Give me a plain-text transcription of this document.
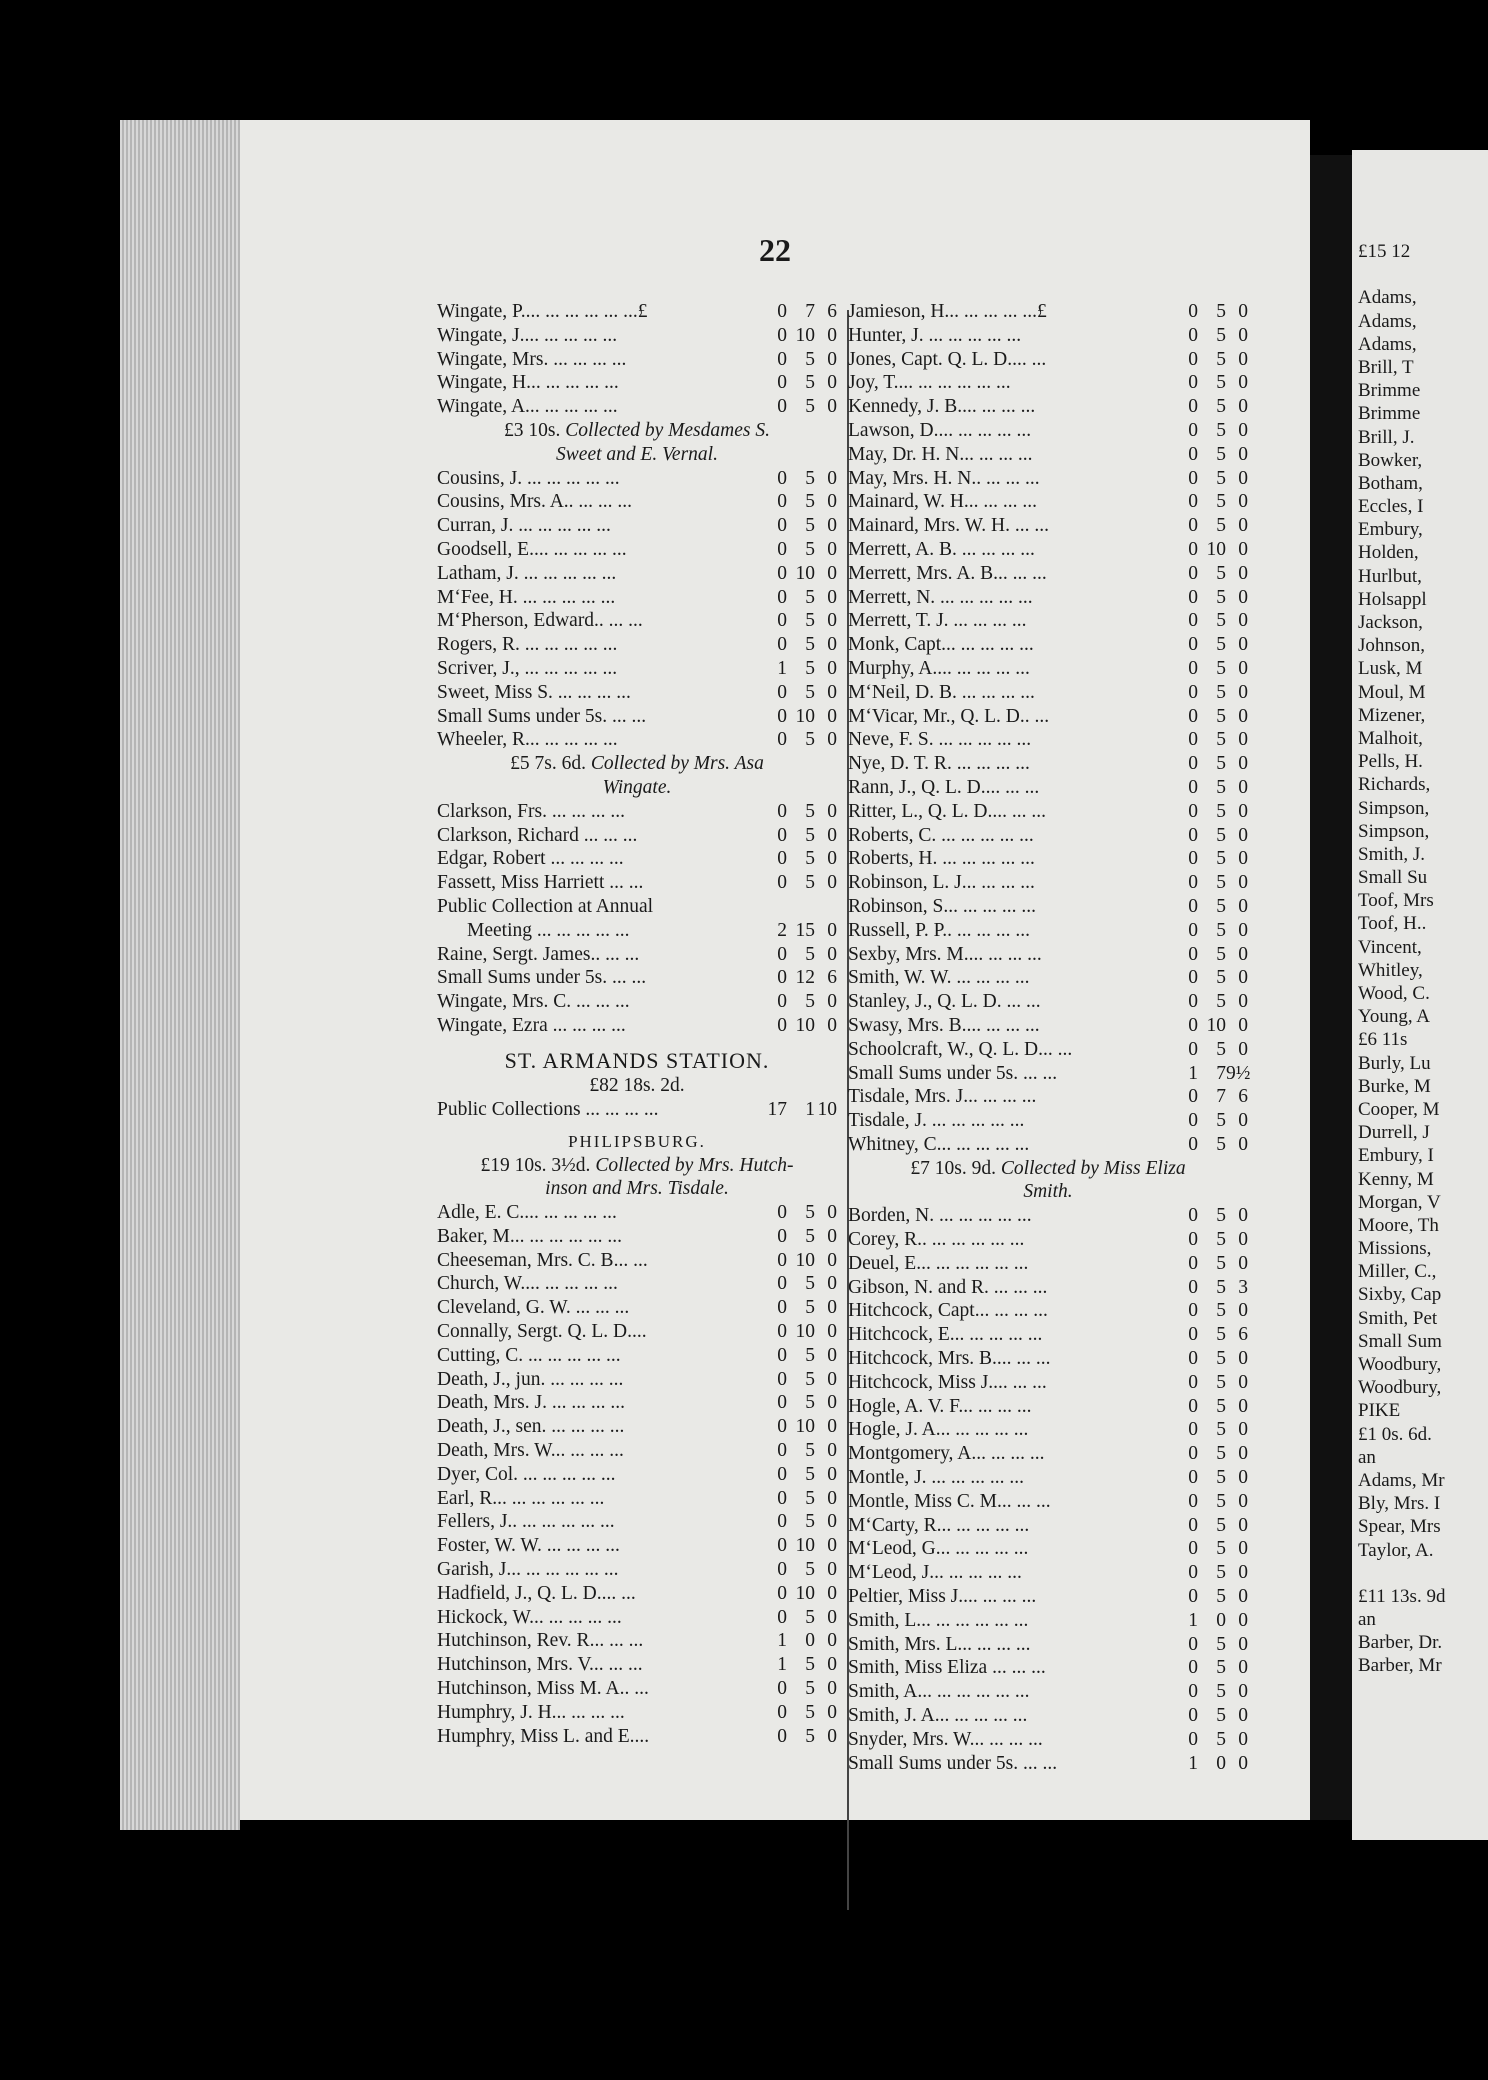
22
Wingate, P.... ... ... ... ... ...£	0 7 6
Wingate, J.... ... ... ... ...	0 10 0
Wingate, Mrs. ... ... ... ...	0 5 0
Wingate, H... ... ... ... ...	0 5 0
Wingate, A... ... ... ... ...	0 5 0
£3 10s. Collected by Mesdames S.
Sweet and E. Vernal.
Cousins, J. ... ... ... ... ...	0 5 0
Cousins, Mrs. A.. ... ... ...	0 5 0
Curran, J. ... ... ... ... ...	0 5 0
Goodsell, E.... ... ... ... ...	0 5 0
Latham, J. ... ... ... ... ...	0 10 0
M‘Fee, H. ... ... ... ... ...	0 5 0
M‘Pherson, Edward.. ... ...	0 5 0
Rogers, R. ... ... ... ... ...	0 5 0
Scriver, J., ... ... ... ... ...	1 5 0
Sweet, Miss S. ... ... ... ...	0 5 0
Small Sums under 5s. ... ...	0 10 0
Wheeler, R... ... ... ... ...	0 5 0
£5 7s. 6d. Collected by Mrs. Asa
Wingate.
Clarkson, Frs. ... ... ... ...	0 5 0
Clarkson, Richard ... ... ...	0 5 0
Edgar, Robert ... ... ... ...	0 5 0
Fassett, Miss Harriett ... ...	0 5 0
Public Collection at Annual
Meeting ... ... ... ... ...	2 15 0
Raine, Sergt. James.. ... ...	0 5 0
Small Sums under 5s. ... ...	0 12 6
Wingate, Mrs. C. ... ... ...	0 5 0
Wingate, Ezra ... ... ... ...	0 10 0
ST. ARMANDS STATION.
£82 18s. 2d.
Public Collections ... ... ... ...	17 1 10
PHILIPSBURG.
£19 10s. 3½d. Collected by Mrs. Hutch-
inson and Mrs. Tisdale.
Adle, E. C.... ... ... ... ...	0 5 0
Baker, M... ... ... ... ... ...	0 5 0
Cheeseman, Mrs. C. B... ...	0 10 0
Church, W.... ... ... ... ...	0 5 0
Cleveland, G. W. ... ... ...	0 5 0
Connally, Sergt. Q. L. D....	0 10 0
Cutting, C. ... ... ... ... ...	0 5 0
Death, J., jun. ... ... ... ...	0 5 0
Death, Mrs. J. ... ... ... ...	0 5 0
Death, J., sen. ... ... ... ...	0 10 0
Death, Mrs. W... ... ... ...	0 5 0
Dyer, Col. ... ... ... ... ...	0 5 0
Earl, R... ... ... ... ... ...	0 5 0
Fellers, J.. ... ... ... ... ...	0 5 0
Foster, W. W. ... ... ... ...	0 10 0
Garish, J... ... ... ... ... ...	0 5 0
Hadfield, J., Q. L. D.... ...	0 10 0
Hickock, W... ... ... ... ...	0 5 0
Hutchinson, Rev. R... ... ...	1 0 0
Hutchinson, Mrs. V... ... ...	1 5 0
Hutchinson, Miss M. A.. ...	0 5 0
Humphry, J. H... ... ... ...	0 5 0
Humphry, Miss L. and E....	0 5 0
Jamieson, H... ... ... ... ...£	0 5 0
Hunter, J. ... ... ... ... ...	0 5 0
Jones, Capt. Q. L. D.... ...	0 5 0
Joy, T.... ... ... ... ... ...	0 5 0
Kennedy, J. B.... ... ... ...	0 5 0
Lawson, D.... ... ... ... ...	0 5 0
May, Dr. H. N... ... ... ...	0 5 0
May, Mrs. H. N.. ... ... ...	0 5 0
Mainard, W. H... ... ... ...	0 5 0
Mainard, Mrs. W. H. ... ...	0 5 0
Merrett, A. B. ... ... ... ...	0 10 0
Merrett, Mrs. A. B... ... ...	0 5 0
Merrett, N. ... ... ... ... ...	0 5 0
Merrett, T. J. ... ... ... ...	0 5 0
Monk, Capt... ... ... ... ...	0 5 0
Murphy, A.... ... ... ... ...	0 5 0
M‘Neil, D. B. ... ... ... ...	0 5 0
M‘Vicar, Mr., Q. L. D.. ...	0 5 0
Neve, F. S. ... ... ... ... ...	0 5 0
Nye, D. T. R. ... ... ... ...	0 5 0
Rann, J., Q. L. D.... ... ...	0 5 0
Ritter, L., Q. L. D.... ... ...	0 5 0
Roberts, C. ... ... ... ... ...	0 5 0
Roberts, H. ... ... ... ... ...	0 5 0
Robinson, L. J... ... ... ...	0 5 0
Robinson, S... ... ... ... ...	0 5 0
Russell, P. P.. ... ... ... ...	0 5 0
Sexby, Mrs. M.... ... ... ...	0 5 0
Smith, W. W. ... ... ... ...	0 5 0
Stanley, J., Q. L. D. ... ...	0 5 0
Swasy, Mrs. B.... ... ... ...	0 10 0
Schoolcraft, W., Q. L. D... ...	0 5 0
Small Sums under 5s. ... ...	1 7 9½
Tisdale, Mrs. J... ... ... ...	0 7 6
Tisdale, J. ... ... ... ... ...	0 5 0
Whitney, C... ... ... ... ...	0 5 0
£7 10s. 9d. Collected by Miss Eliza
Smith.
Borden, N. ... ... ... ... ...	0 5 0
Corey, R.. ... ... ... ... ...	0 5 0
Deuel, E... ... ... ... ... ...	0 5 0
Gibson, N. and R. ... ... ...	0 5 3
Hitchcock, Capt... ... ... ...	0 5 0
Hitchcock, E... ... ... ... ...	0 5 6
Hitchcock, Mrs. B.... ... ...	0 5 0
Hitchcock, Miss J.... ... ...	0 5 0
Hogle, A. V. F... ... ... ...	0 5 0
Hogle, J. A... ... ... ... ...	0 5 0
Montgomery, A... ... ... ...	0 5 0
Montle, J. ... ... ... ... ...	0 5 0
Montle, Miss C. M... ... ...	0 5 0
M‘Carty, R... ... ... ... ...	0 5 0
M‘Leod, G... ... ... ... ...	0 5 0
M‘Leod, J... ... ... ... ...	0 5 0
Peltier, Miss J.... ... ... ...	0 5 0
Smith, L... ... ... ... ... ...	1 0 0
Smith, Mrs. L... ... ... ...	0 5 0
Smith, Miss Eliza ... ... ...	0 5 0
Smith, A... ... ... ... ... ...	0 5 0
Smith, J. A... ... ... ... ...	0 5 0
Snyder, Mrs. W... ... ... ...	0 5 0
Small Sums under 5s. ... ...	1 0 0
£15 12
Adams,
Adams,
Adams,
Brill, T
Brimme
Brimme
Brill, J.
Bowker,
Botham,
Eccles, I
Embury,
Holden,
Hurlbut,
Holsappl
Jackson,
Johnson,
Lusk, M
Moul, M
Mizener,
Malhoit,
Pells, H.
Richards,
Simpson,
Simpson,
Smith, J.
Small Su
Toof, Mrs
Toof, H..
Vincent,
Whitley,
Wood, C.
Young, A
£6 11s
Burly, Lu
Burke, M
Cooper, M
Durrell, J
Embury, I
Kenny, M
Morgan, V
Moore, Th
Missions,
Miller, C.,
Sixby, Cap
Smith, Pet
Small Sum
Woodbury,
Woodbury,
PIKE
£1 0s. 6d.
an
Adams, Mr
Bly, Mrs. I
Spear, Mrs
Taylor, A.
£11 13s. 9d
an
Barber, Dr.
Barber, Mr
